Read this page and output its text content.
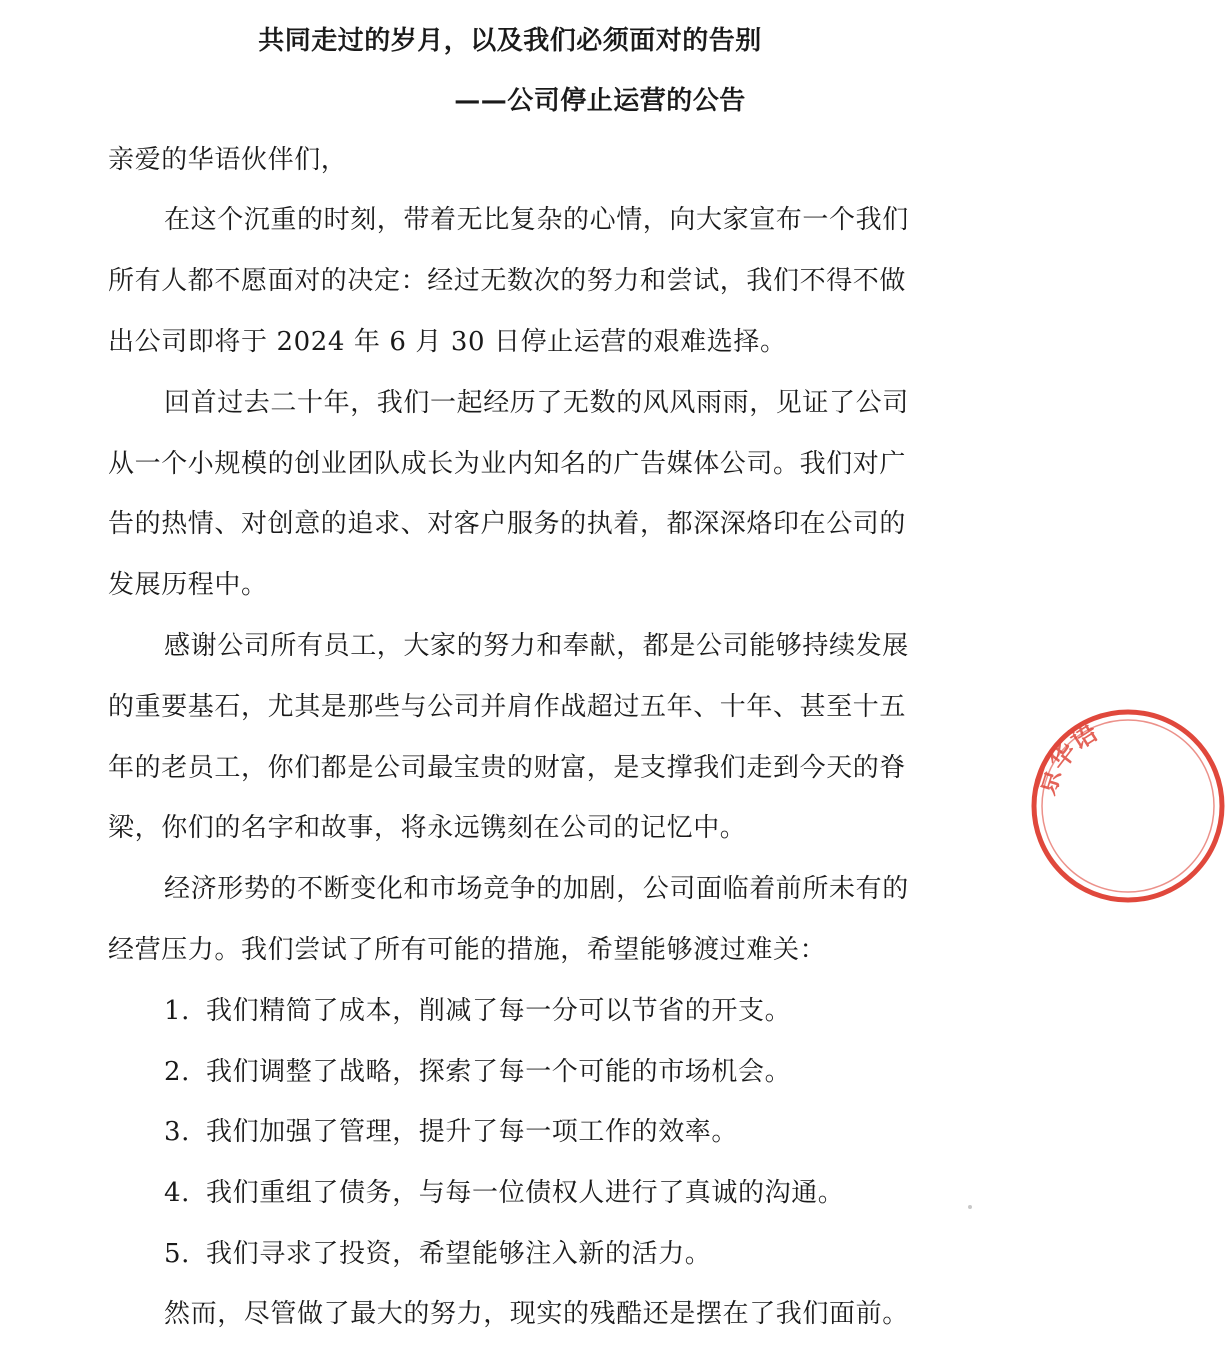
共同走过的岁月，以及我们必须面对的告别
——公司停止运营的公告
亲爱的华语伙伴们，
在这个沉重的时刻，带着无比复杂的心情，向大家宣布一个我们
所有人都不愿面对的决定：经过无数次的努力和尝试，我们不得不做
出公司即将于 2024 年 6 月 30 日停止运营的艰难选择。
回首过去二十年，我们一起经历了无数的风风雨雨，见证了公司
从一个小规模的创业团队成长为业内知名的广告媒体公司。我们对广
告的热情、对创意的追求、对客户服务的执着，都深深烙印在公司的
发展历程中。
感谢公司所有员工，大家的努力和奉献，都是公司能够持续发展
的重要基石，尤其是那些与公司并肩作战超过五年、十年、甚至十五
年的老员工，你们都是公司最宝贵的财富，是支撑我们走到今天的脊
梁，你们的名字和故事，将永远镌刻在公司的记忆中。
经济形势的不断变化和市场竞争的加剧，公司面临着前所未有的
经营压力。我们尝试了所有可能的措施，希望能够渡过难关：
1. 我们精简了成本，削减了每一分可以节省的开支。
2. 我们调整了战略，探索了每一个可能的市场机会。
3. 我们加强了管理，提升了每一项工作的效率。
4. 我们重组了债务，与每一位债权人进行了真诚的沟通。
5. 我们寻求了投资，希望能够注入新的活力。
然而，尽管做了最大的努力，现实的残酷还是摆在了我们面前。
京华语
